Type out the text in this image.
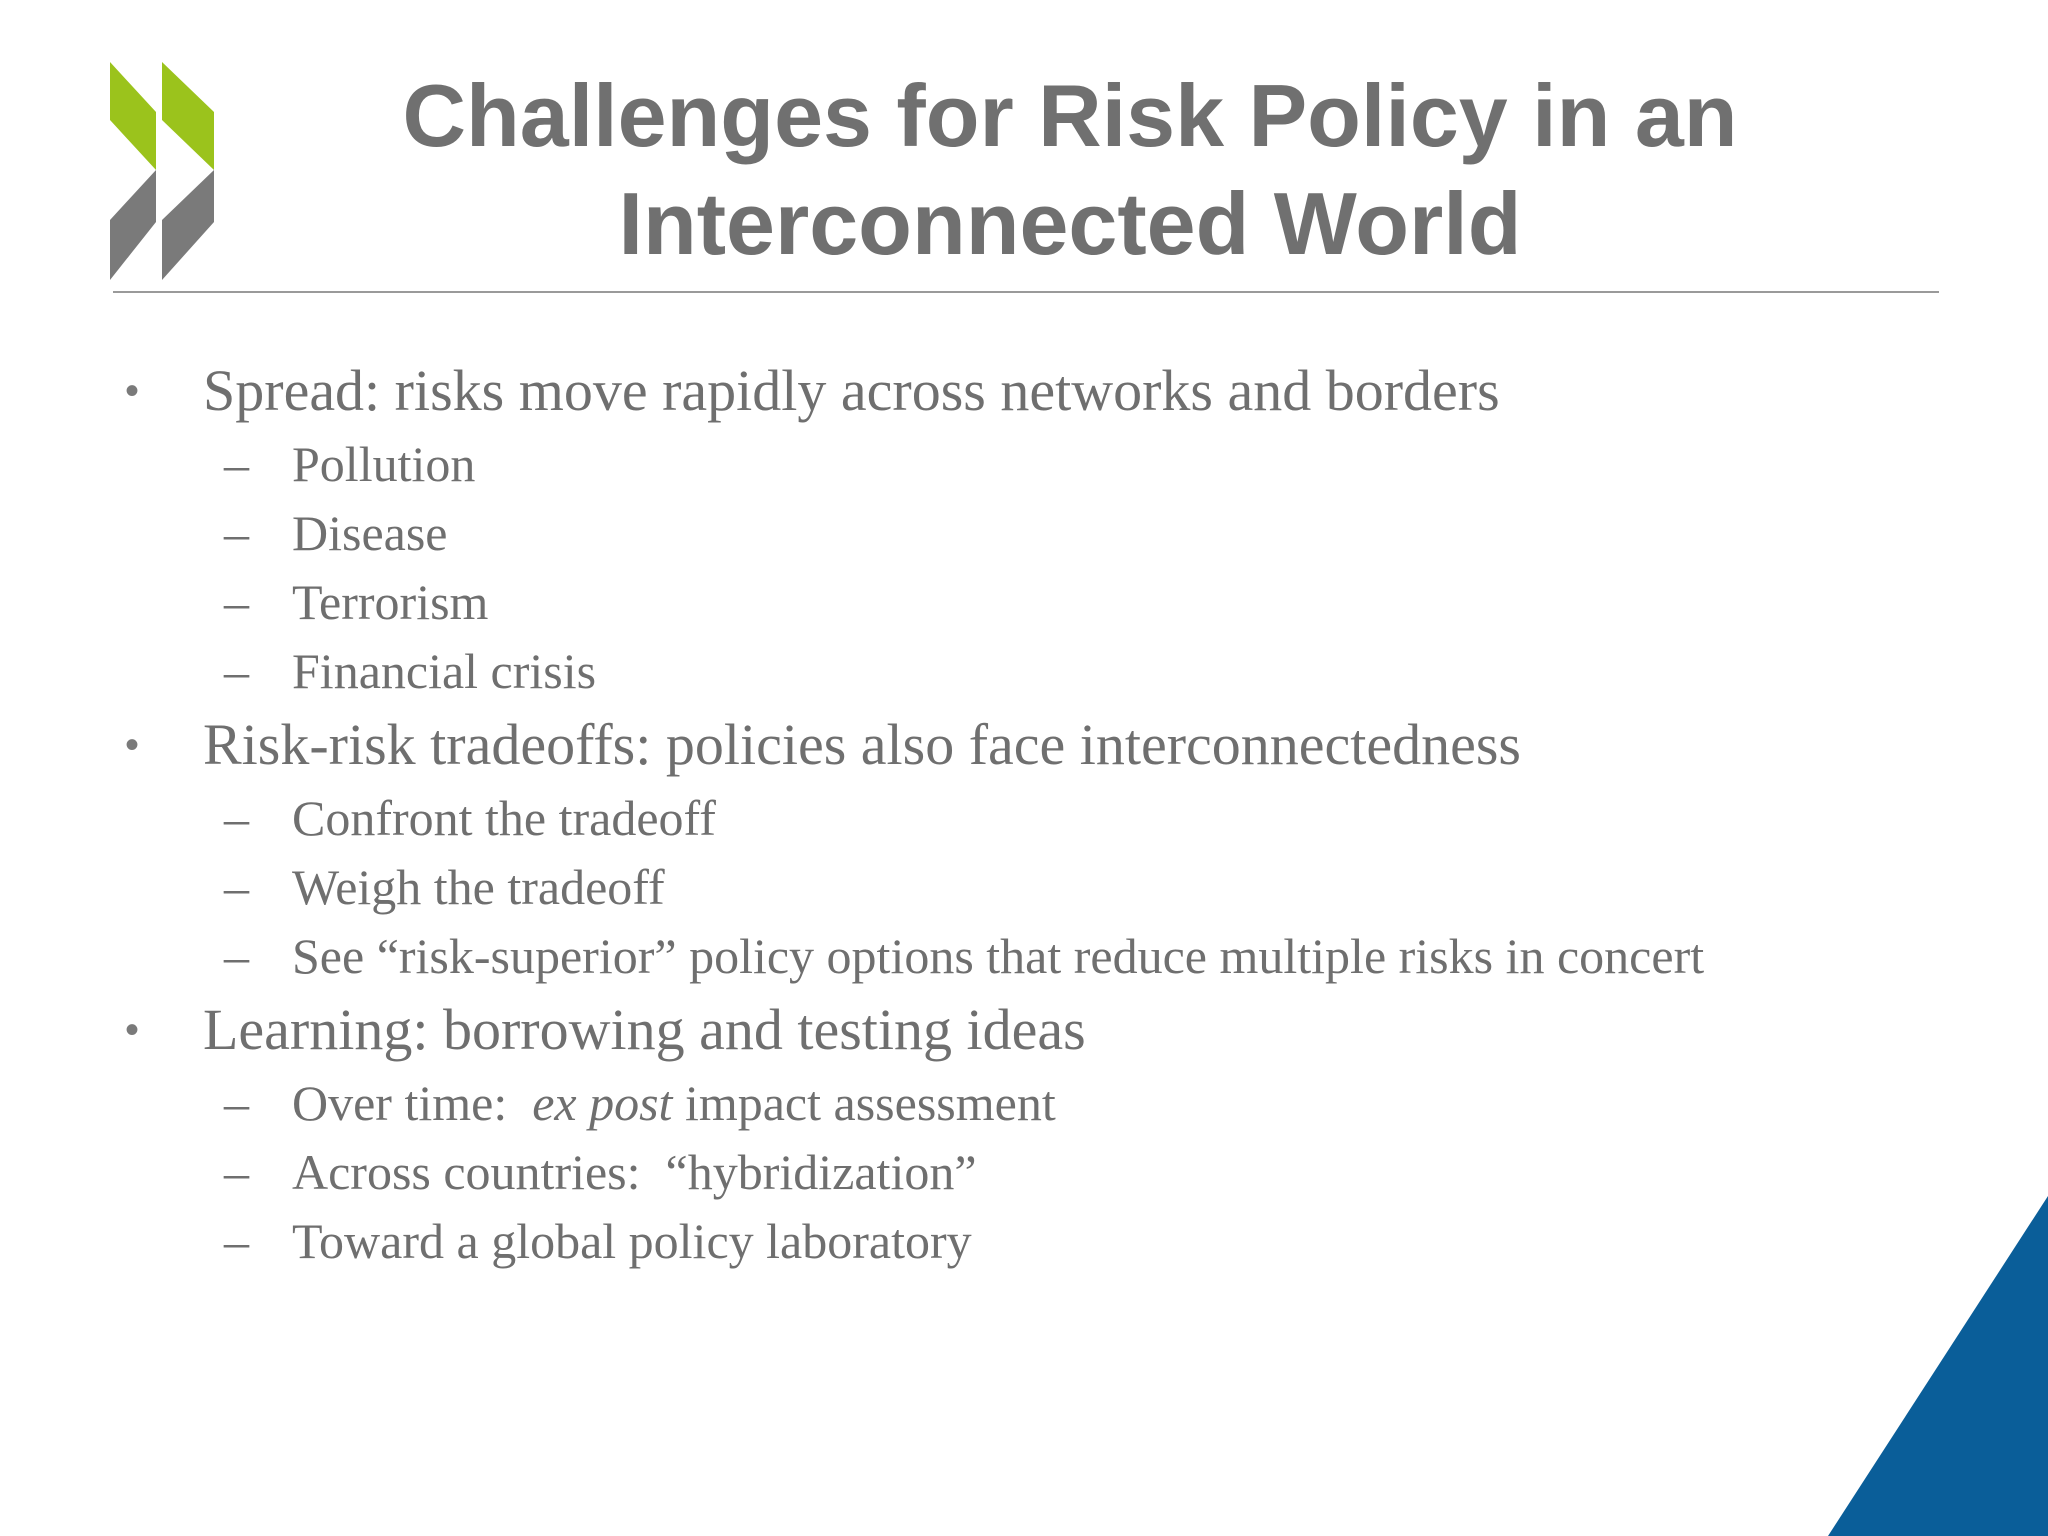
Challenges for Risk Policy in an
Interconnected World
• Spread: risks move rapidly across networks and borders
– Pollution
– Disease
– Terrorism
– Financial crisis
• Risk-risk tradeoffs: policies also face interconnectedness
– Confront the tradeoff
– Weigh the tradeoff
– See “risk-superior” policy options that reduce multiple risks in concert
• Learning: borrowing and testing ideas
– Over time:  ex post impact assessment
– Across countries:  “hybridization”
– Toward a global policy laboratory
